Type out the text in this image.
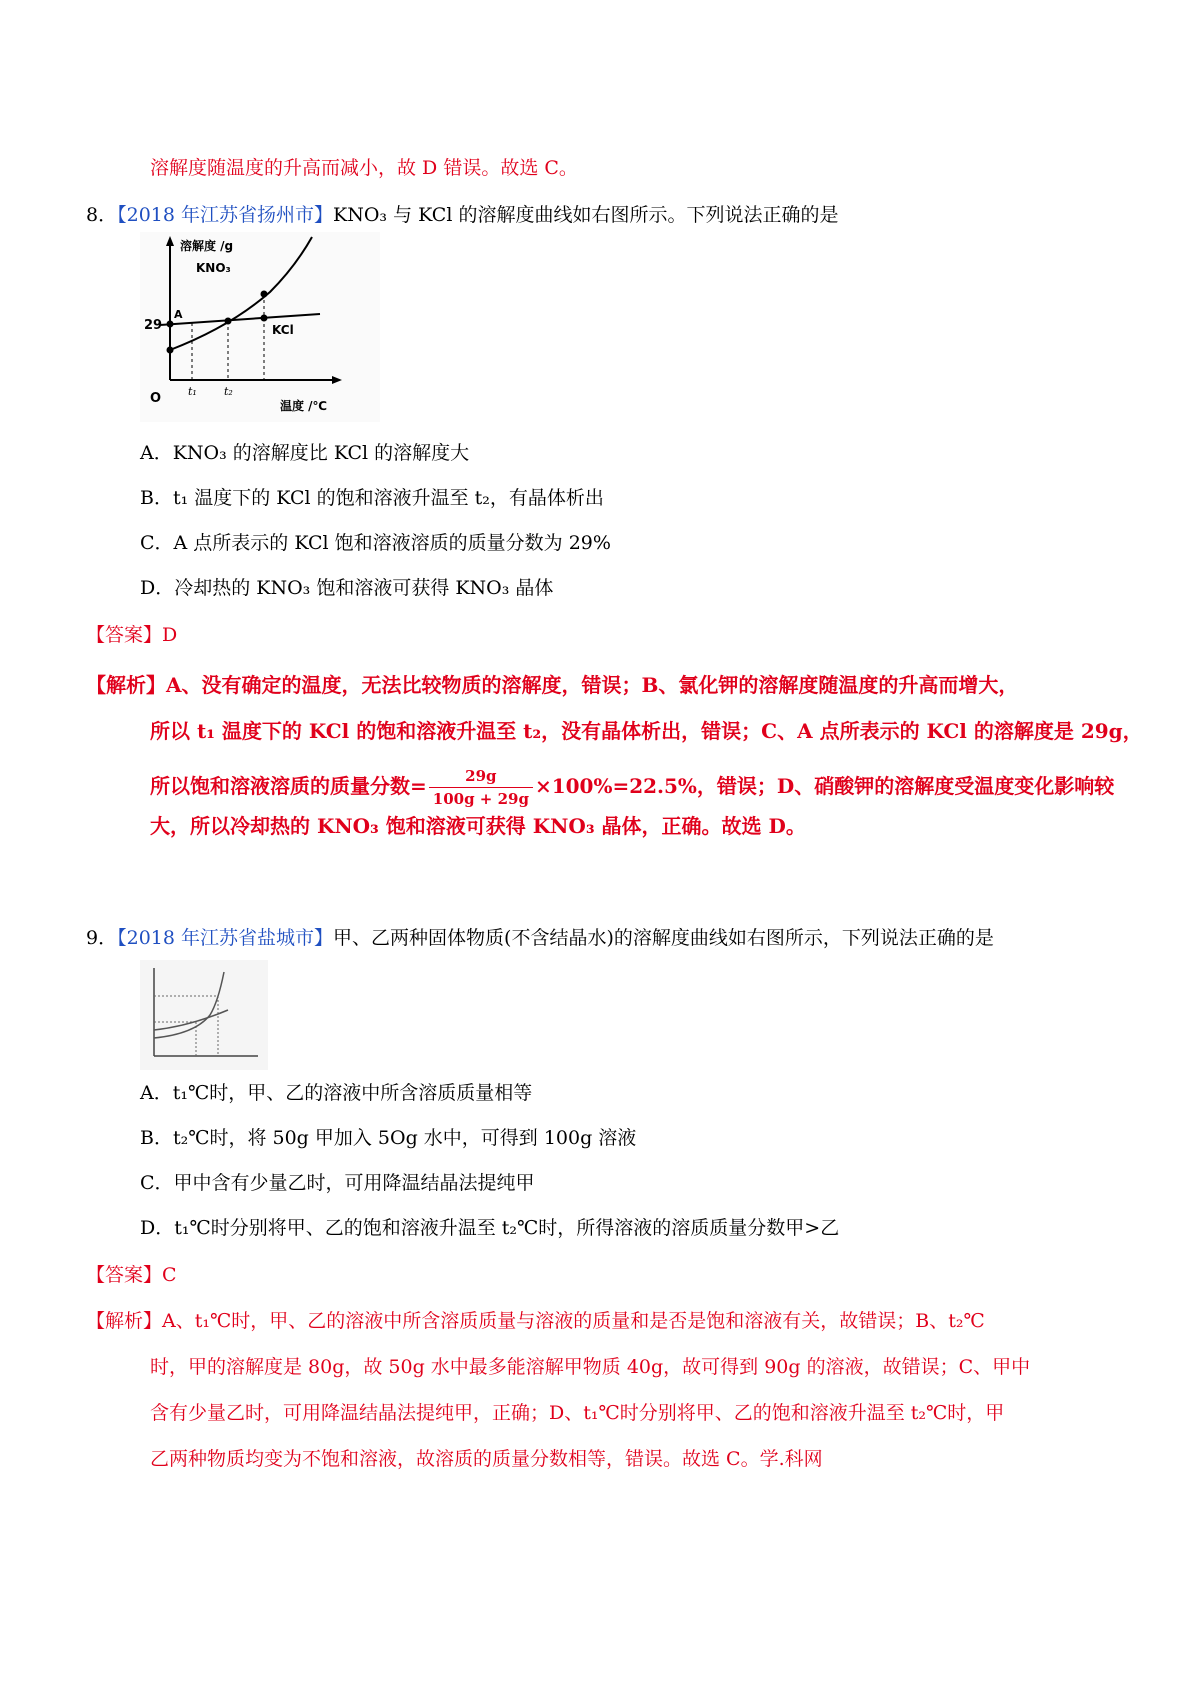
溶解度随温度的升高而减小，故 D 错误。故选 C。
8．【2018 年江苏省扬州市】KNO₃ 与 KCl 的溶解度曲线如右图所示。下列说法正确的是
溶解度 /g
KNO₃
KCl
29
A
O t₁ t₂
温度 /℃
A．KNO₃ 的溶解度比 KCl 的溶解度大
B．t₁ 温度下的 KCl 的饱和溶液升温至 t₂，有晶体析出
C．A 点所表示的 KCl 饱和溶液溶质的质量分数为 29%
D．冷却热的 KNO₃ 饱和溶液可获得 KNO₃ 晶体
【答案】D
【解析】A、没有确定的温度，无法比较物质的溶解度，错误；B、氯化钾的溶解度随温度的升高而增大，
所以 t₁ 温度下的 KCl 的饱和溶液升温至 t₂，没有晶体析出，错误；C、A 点所表示的 KCl 的溶解度是 29g，
所以饱和溶液溶质的质量分数= $\frac{29g}{100g + 29g} \times 100\%=22.5\%$，错误；D、硝酸钾的溶解度受温度变化影响较
大，所以冷却热的 KNO₃ 饱和溶液可获得 KNO₃ 晶体，正确。故选 D。
9．【2018 年江苏省盐城市】甲、乙两种固体物质(不含结晶水)的溶解度曲线如右图所示，下列说法正确的是
A．t₁℃时，甲、乙的溶液中所含溶质质量相等
B．t₂℃时，将 50g 甲加入 5Og 水中，可得到 100g 溶液
C．甲中含有少量乙时，可用降温结晶法提纯甲
D．t₁℃时分别将甲、乙的饱和溶液升温至 t₂℃时，所得溶液的溶质质量分数甲>乙
【答案】C
【解析】A、t₁℃时，甲、乙的溶液中所含溶质质量与溶液的质量和是否是饱和溶液有关，故错误；B、t₂℃
时，甲的溶解度是 80g，故 50g 水中最多能溶解甲物质 40g，故可得到 90g 的溶液，故错误；C、甲中
含有少量乙时，可用降温结晶法提纯甲，正确；D、t₁℃时分别将甲、乙的饱和溶液升温至 t₂℃时，甲
乙两种物质均变为不饱和溶液，故溶质的质量分数相等，错误。故选 C。学.科网
